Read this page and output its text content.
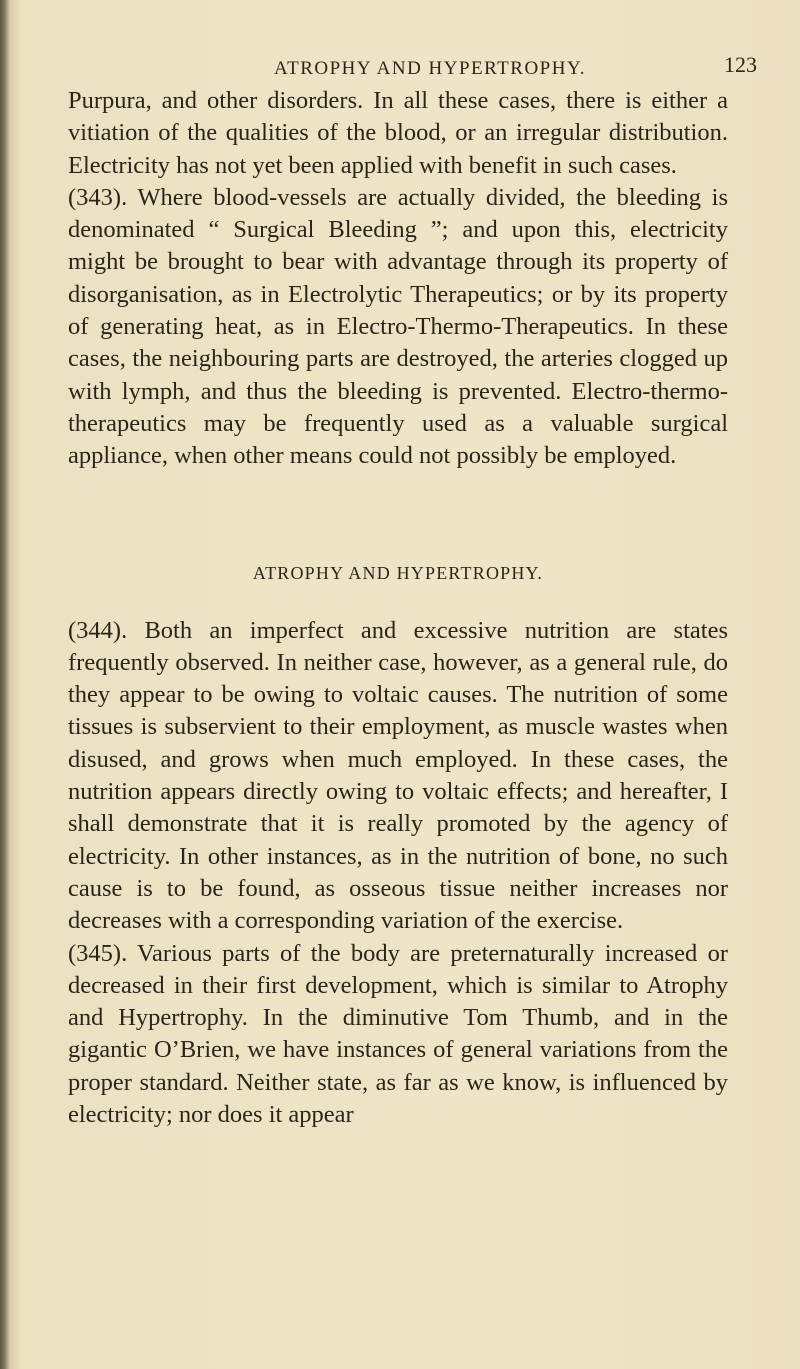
ATROPHY AND HYPERTROPHY.	123

Purpura, and other disorders. In all these cases, there is either a vitiation of the qualities of the blood, or an irregular distribution. Electricity has not yet been applied with benefit in such cases.

(343). Where blood-vessels are actually divided, the bleeding is denominated “ Surgical Bleeding ”; and upon this, electricity might be brought to bear with advantage through its property of disorganisation, as in Electrolytic Therapeutics; or by its property of generating heat, as in Electro-Thermo-Therapeutics. In these cases, the neighbouring parts are destroyed, the arteries clogged up with lymph, and thus the bleeding is prevented. Electro-thermo-therapeutics may be frequently used as a valuable surgical appliance, when other means could not possibly be employed.

ATROPHY AND HYPERTROPHY.

(344). Both an imperfect and excessive nutrition are states frequently observed. In neither case, however, as a general rule, do they appear to be owing to voltaic causes. The nutrition of some tissues is subservient to their employment, as muscle wastes when disused, and grows when much employed. In these cases, the nutrition appears directly owing to voltaic effects; and hereafter, I shall demonstrate that it is really promoted by the agency of electricity. In other instances, as in the nutrition of bone, no such cause is to be found, as osseous tissue neither increases nor decreases with a corresponding variation of the exercise.

(345). Various parts of the body are preternaturally increased or decreased in their first development, which is similar to Atrophy and Hypertrophy. In the diminutive Tom Thumb, and in the gigantic O’Brien, we have instances of general variations from the proper standard. Neither state, as far as we know, is influenced by electricity; nor does it appear
